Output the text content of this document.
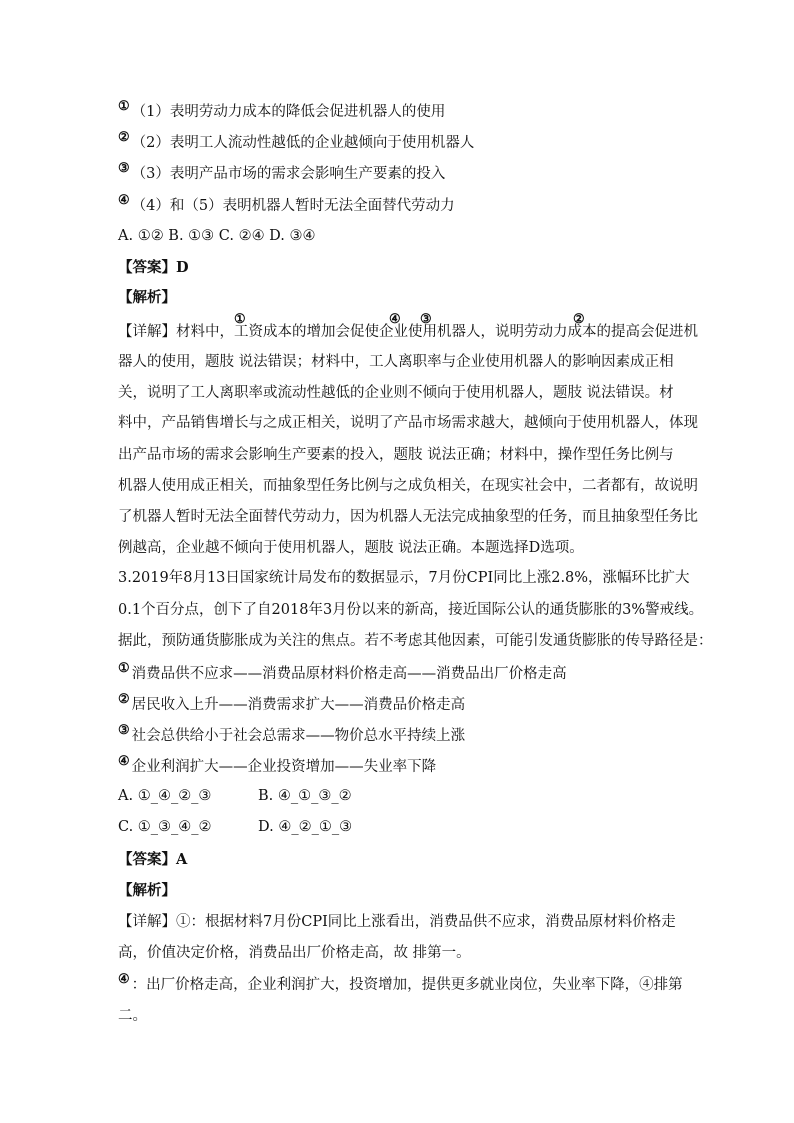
① （1）表明劳动力成本的降低会促进机器人的使用
② （2）表明工人流动性越低的企业越倾向于使用机器人
③ （3）表明产品市场的需求会影响生产要素的投入
④ （4）和（5）表明机器人暂时无法全面替代劳动力
A. ①② B. ①③ C. ②④ D. ③④
【答案】D
【解析】
①	④ ③	②
【详解】材料中，工资成本的增加会促使企业使用机器人，说明劳动力成本的提高会促进机
器人的使用，题肢 说法错误；材料中，工人离职率与企业使用机器人的影响因素成正相
关，说明了工人离职率或流动性越低的企业则不倾向于使用机器人，题肢 说法错误。材
料中，产品销售增长与之成正相关，说明了产品市场需求越大，越倾向于使用机器人，体现
出产品市场的需求会影响生产要素的投入，题肢 说法正确；材料中，操作型任务比例与
机器人使用成正相关，而抽象型任务比例与之成负相关，在现实社会中，二者都有，故说明
了机器人暂时无法全面替代劳动力，因为机器人无法完成抽象型的任务，而且抽象型任务比
例越高，企业越不倾向于使用机器人，题肢 说法正确。本题选择D选项。
3.2019年8月13日国家统计局发布的数据显示，7月份CPI同比上涨2.8%，涨幅环比扩大
0.1个百分点，创下了自2018年3月份以来的新高，接近国际公认的通货膨胀的3%警戒线。
据此，预防通货膨胀成为关注的焦点。若不考虑其他因素，可能引发通货膨胀的传导路径是：
① 消费品供不应求——消费品原材料价格走高——消费品出厂价格走高
② 居民收入上升——消费需求扩大——消费品价格走高
③ 社会总供给小于社会总需求——物价总水平持续上涨
④ 企业利润扩大——企业投资增加——失业率下降
A. ①_④_②_③	B. ④_①_③_②
C. ①_③_④_②	D. ④_②_①_③
【答案】A
【解析】
【详解】①：根据材料7月份CPI同比上涨看出，消费品供不应求，消费品原材料价格走
高，价值决定价格，消费品出厂价格走高，故 排第一。
④ ：出厂价格走高，企业利润扩大，投资增加，提供更多就业岗位，失业率下降，④排第
二。
